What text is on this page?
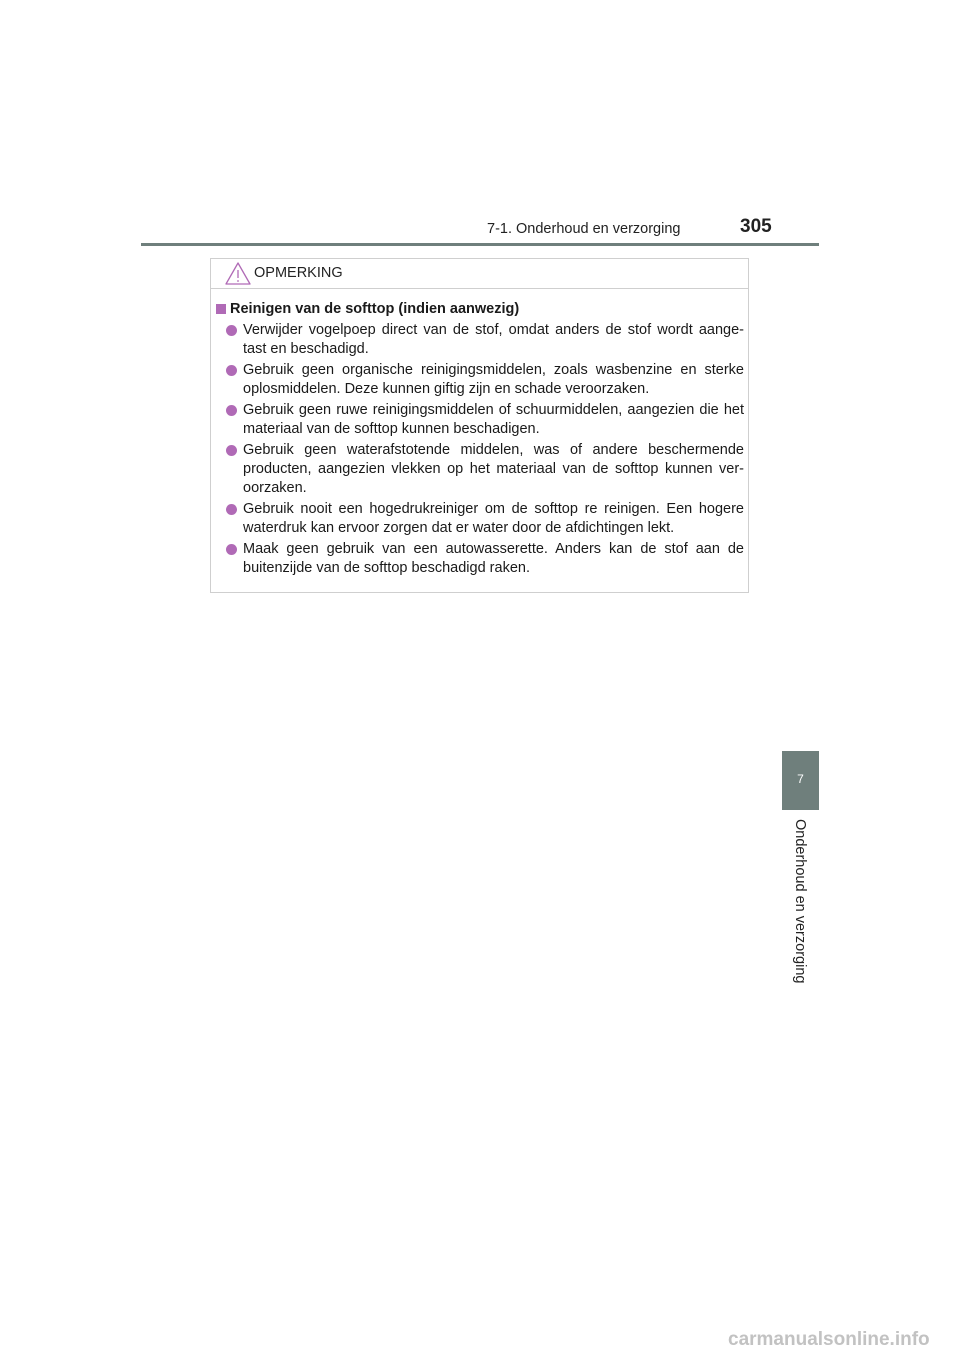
7-1. Onderhoud en verzorging	305
OPMERKING
Reinigen van de softtop (indien aanwezig)
Verwijder vogelpoep direct van de stof, omdat anders de stof wordt aange- tast en beschadigd.
Gebruik geen organische reinigingsmiddelen, zoals wasbenzine en sterke oplosmiddelen. Deze kunnen giftig zijn en schade veroorzaken.
Gebruik geen ruwe reinigingsmiddelen of schuurmiddelen, aangezien die het materiaal van de softtop kunnen beschadigen.
Gebruik geen waterafstotende middelen, was of andere beschermende producten, aangezien vlekken op het materiaal van de softtop kunnen ver- oorzaken.
Gebruik nooit een hogedrukreiniger om de softtop re reinigen. Een hogere waterdruk kan ervoor zorgen dat er water door de afdichtingen lekt.
Maak geen gebruik van een autowasserette. Anders kan de stof aan de buitenzijde van de softtop beschadigd raken.
7
Onderhoud en verzorging
carmanualsonline.info
